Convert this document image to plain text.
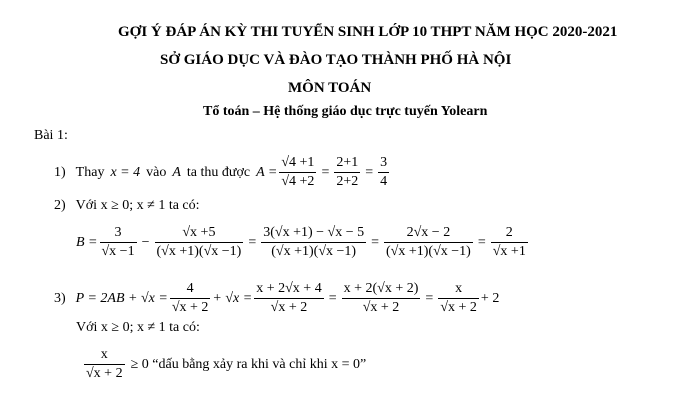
GỢI Ý ĐÁP ÁN KỲ THI TUYỂN SINH LỚP 10 THPT NĂM HỌC 2020-2021
SỞ GIÁO DỤC VÀ ĐÀO TẠO THÀNH PHỐ HÀ NỘI
MÔN TOÁN
Tổ toán – Hệ thống giáo dục trực tuyến Yolearn
Bài 1:
1) Thay x = 4 vào A ta thu được $A = \frac{√4 +1}{√4 +2} = \frac{2+1}{2+2} = \frac{3}{4}$
2) Với x ≥ 0; x ≠ 1 ta có:
$B = \frac{3}{√x -1} - \frac{√x +5}{(√x +1)(√x -1)} = \frac{3(√x +1) - √x - 5}{(√x +1)(√x -1)} = \frac{2√x - 2}{(√x +1)(√x -1)} = \frac{2}{√x +1}$
3) $P = 2AB + √x = \frac{4}{√x + 2} + √x = \frac{x + 2√x + 4}{√x + 2} = \frac{x + 2(√x + 2)}{√x + 2} = \frac{x}{√x + 2} + 2$
Với x ≥ 0; x ≠ 1 ta có:
$\frac{x}{√x + 2} \ge 0$ “dấu bằng xảy ra khi và chỉ khi x = 0”
